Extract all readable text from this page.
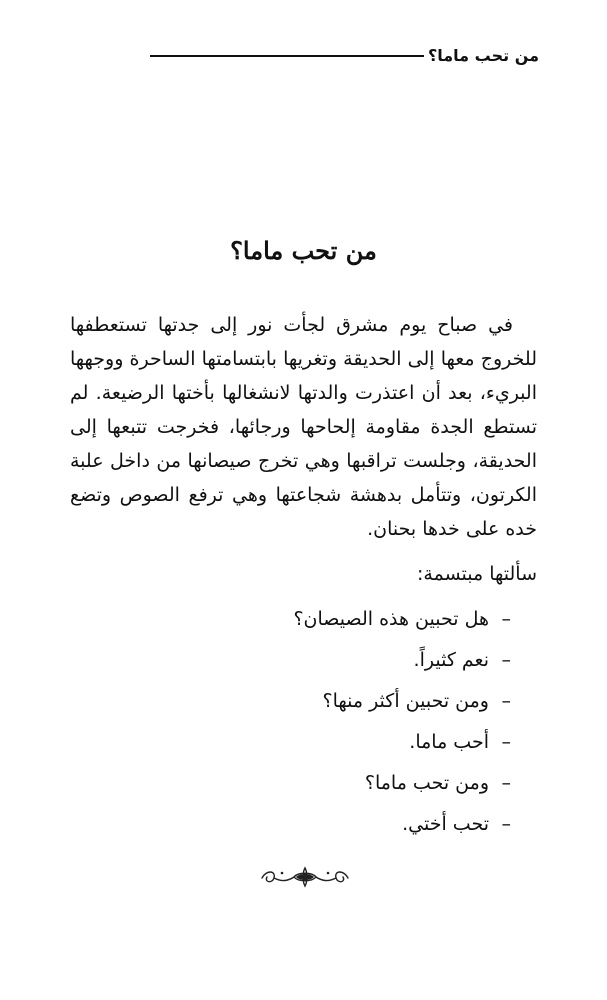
من تحب ماما؟
من تحب ماما؟

في صباح يوم مشرق لجأت نور إلى جدتها تستعطفها للخروج معها إلى الحديقة وتغريها بابتسامتها الساحرة ووجهها البريء، بعد أن اعتذرت والدتها لانشغالها بأختها الرضيعة. لم تستطع الجدة مقاومة إلحاحها ورجائها، فخرجت تتبعها إلى الحديقة، وجلست تراقبها وهي تخرج صيصانها من داخل علبة الكرتون، وتتأمل بدهشة شجاعتها وهي ترفع الصوص وتضع خده على خدها بحنان.

سألتها مبتسمة:

–هل تحبين هذه الصيصان؟
–نعم كثيراً.
–ومن تحبين أكثر منها؟
–أحب ماما.
–ومن تحب ماما؟
–تحب أختي.
